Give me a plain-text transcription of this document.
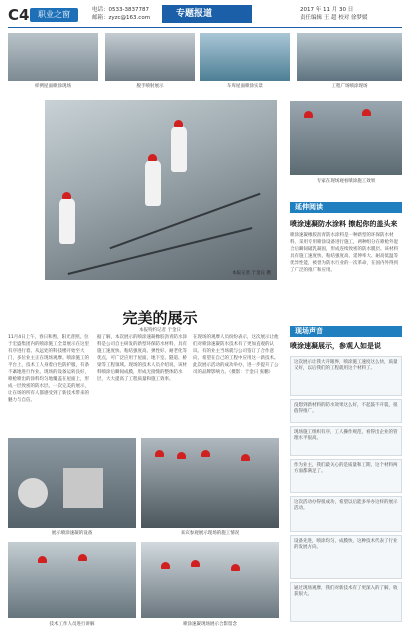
C4	职业之窗	电话：0533-3837787
邮箱：zyzc@163.com	专题报道	2017 年 11 月 30 日
责任编辑 王 超 校对 徐梦媛
样例屋面喷涂现场	脱手喷射展示	车库屋面喷涂实景	工程广场喷涂现场
本报记者 于金日 摄
专家在现场观看喷涂施工效果
完美的展示
本报特约记者 于金日
11月4日上午，春日和煦，阳光普照。位于宏盛集团内的喷涂施工全景展示在这里有序进行着。从远处的科技楼开始至大门，多位业主正在现场观摩。喷涂施工的平台上，技术工人身着白色防护服，有条不紊地进行作业。现场的设备运转良好，喷枪喷出的涂料均匀地覆盖在屋面上，形成一层致密的防水层。一次完美的展示，让在场的所有人都感受到了新技术带来的魅力与自信。
据了解，本次展示的喷涂速凝橡胶沥青防水涂料是公司自主研发的新型环保防水材料，具有施工速度快、粘结强度高、弹性好、耐老化等优点，可广泛应用于屋面、地下室、隧道、桥梁等工程领域。现场的技术人员介绍说，该材料喷涂后瞬间成膜，形成无接缝的整体防水层，大大提高了工程质量和施工效率。
在现场的观摩人员纷纷表示，这次展示让他们对喷涂速凝防水技术有了更加直观的认识。有的业主当场就与公司签订了合作意向，希望在自己的工程中应用这一新技术。此次展示活动的成功举办，进一步提升了公司的品牌影响力。（摄影：于金日 张鹏）
延伸阅读
喷涂速凝防水涂料 擦起你的盖头来
喷涂速凝橡胶沥青防水涂料是一种新型的环保防水材料，采用专用喷涂设备进行施工，两种组分在喷枪外混合后瞬间破乳凝固，形成连续致密的防水膜层。该材料具有施工速度快、粘结强度高、延伸率大、耐高低温等优异性能，被誉为防水行业的一次革命，在国内外得到了广泛的推广和应用。
现场声音
喷涂速凝展示，参观人如是说
这次展示让我大开眼界，喷涂施工速度这么快，质量又好，以后我们的工程就用这个材料了。
没想到新材料的防水效果这么好，不起鼓不开裂，很值得推广。
现场施工组织有序，工人操作规范，看得出企业的管理水平很高。
作为业主，我们最关心的是质量和工期，这个材料两方面都满足了。
这次活动办得很成功，希望以后能多举办这样的展示活动。
设备先进，喷涂均匀，成膜快，这种技术代表了行业的发展方向。
通过现场观摩，我们对新技术有了更深入的了解，收获很大。
展示喷涂速凝的设备	来宾参观展示现场的施工情况
技术工作人员进行讲解	喷涂速凝现场展示合影留念
